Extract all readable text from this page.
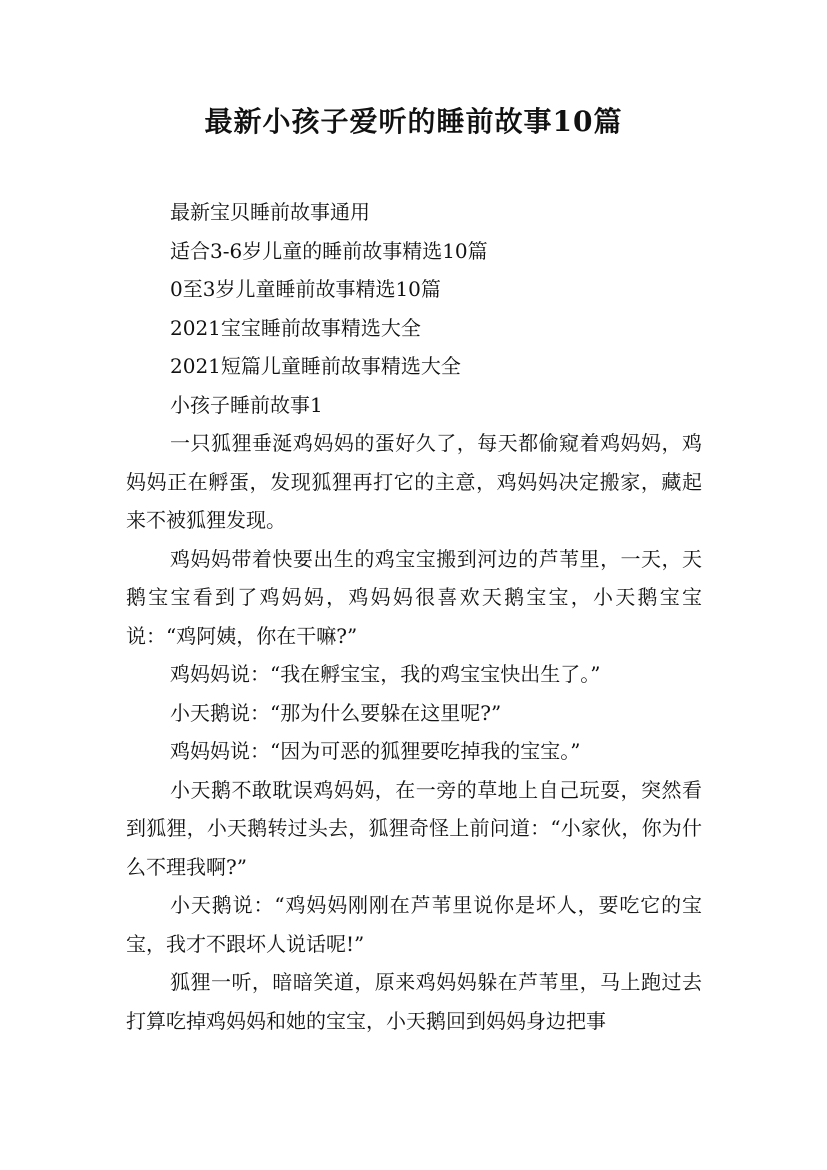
最新小孩子爱听的睡前故事10篇

最新宝贝睡前故事通用

适合3-6岁儿童的睡前故事精选10篇

0至3岁儿童睡前故事精选10篇

2021宝宝睡前故事精选大全

2021短篇儿童睡前故事精选大全

小孩子睡前故事1

一只狐狸垂涎鸡妈妈的蛋好久了，每天都偷窥着鸡妈妈，鸡妈妈正在孵蛋，发现狐狸再打它的主意，鸡妈妈决定搬家，藏起来不被狐狸发现。

鸡妈妈带着快要出生的鸡宝宝搬到河边的芦苇里，一天，天鹅宝宝看到了鸡妈妈，鸡妈妈很喜欢天鹅宝宝，小天鹅宝宝说：“鸡阿姨，你在干嘛?”

鸡妈妈说：“我在孵宝宝，我的鸡宝宝快出生了。”

小天鹅说：“那为什么要躲在这里呢?”

鸡妈妈说：“因为可恶的狐狸要吃掉我的宝宝。”

小天鹅不敢耽误鸡妈妈，在一旁的草地上自己玩耍，突然看到狐狸，小天鹅转过头去，狐狸奇怪上前问道：“小家伙，你为什么不理我啊?”

小天鹅说：“鸡妈妈刚刚在芦苇里说你是坏人，要吃它的宝宝，我才不跟坏人说话呢!”

狐狸一听，暗暗笑道，原来鸡妈妈躲在芦苇里，马上跑过去打算吃掉鸡妈妈和她的宝宝，小天鹅回到妈妈身边把事
